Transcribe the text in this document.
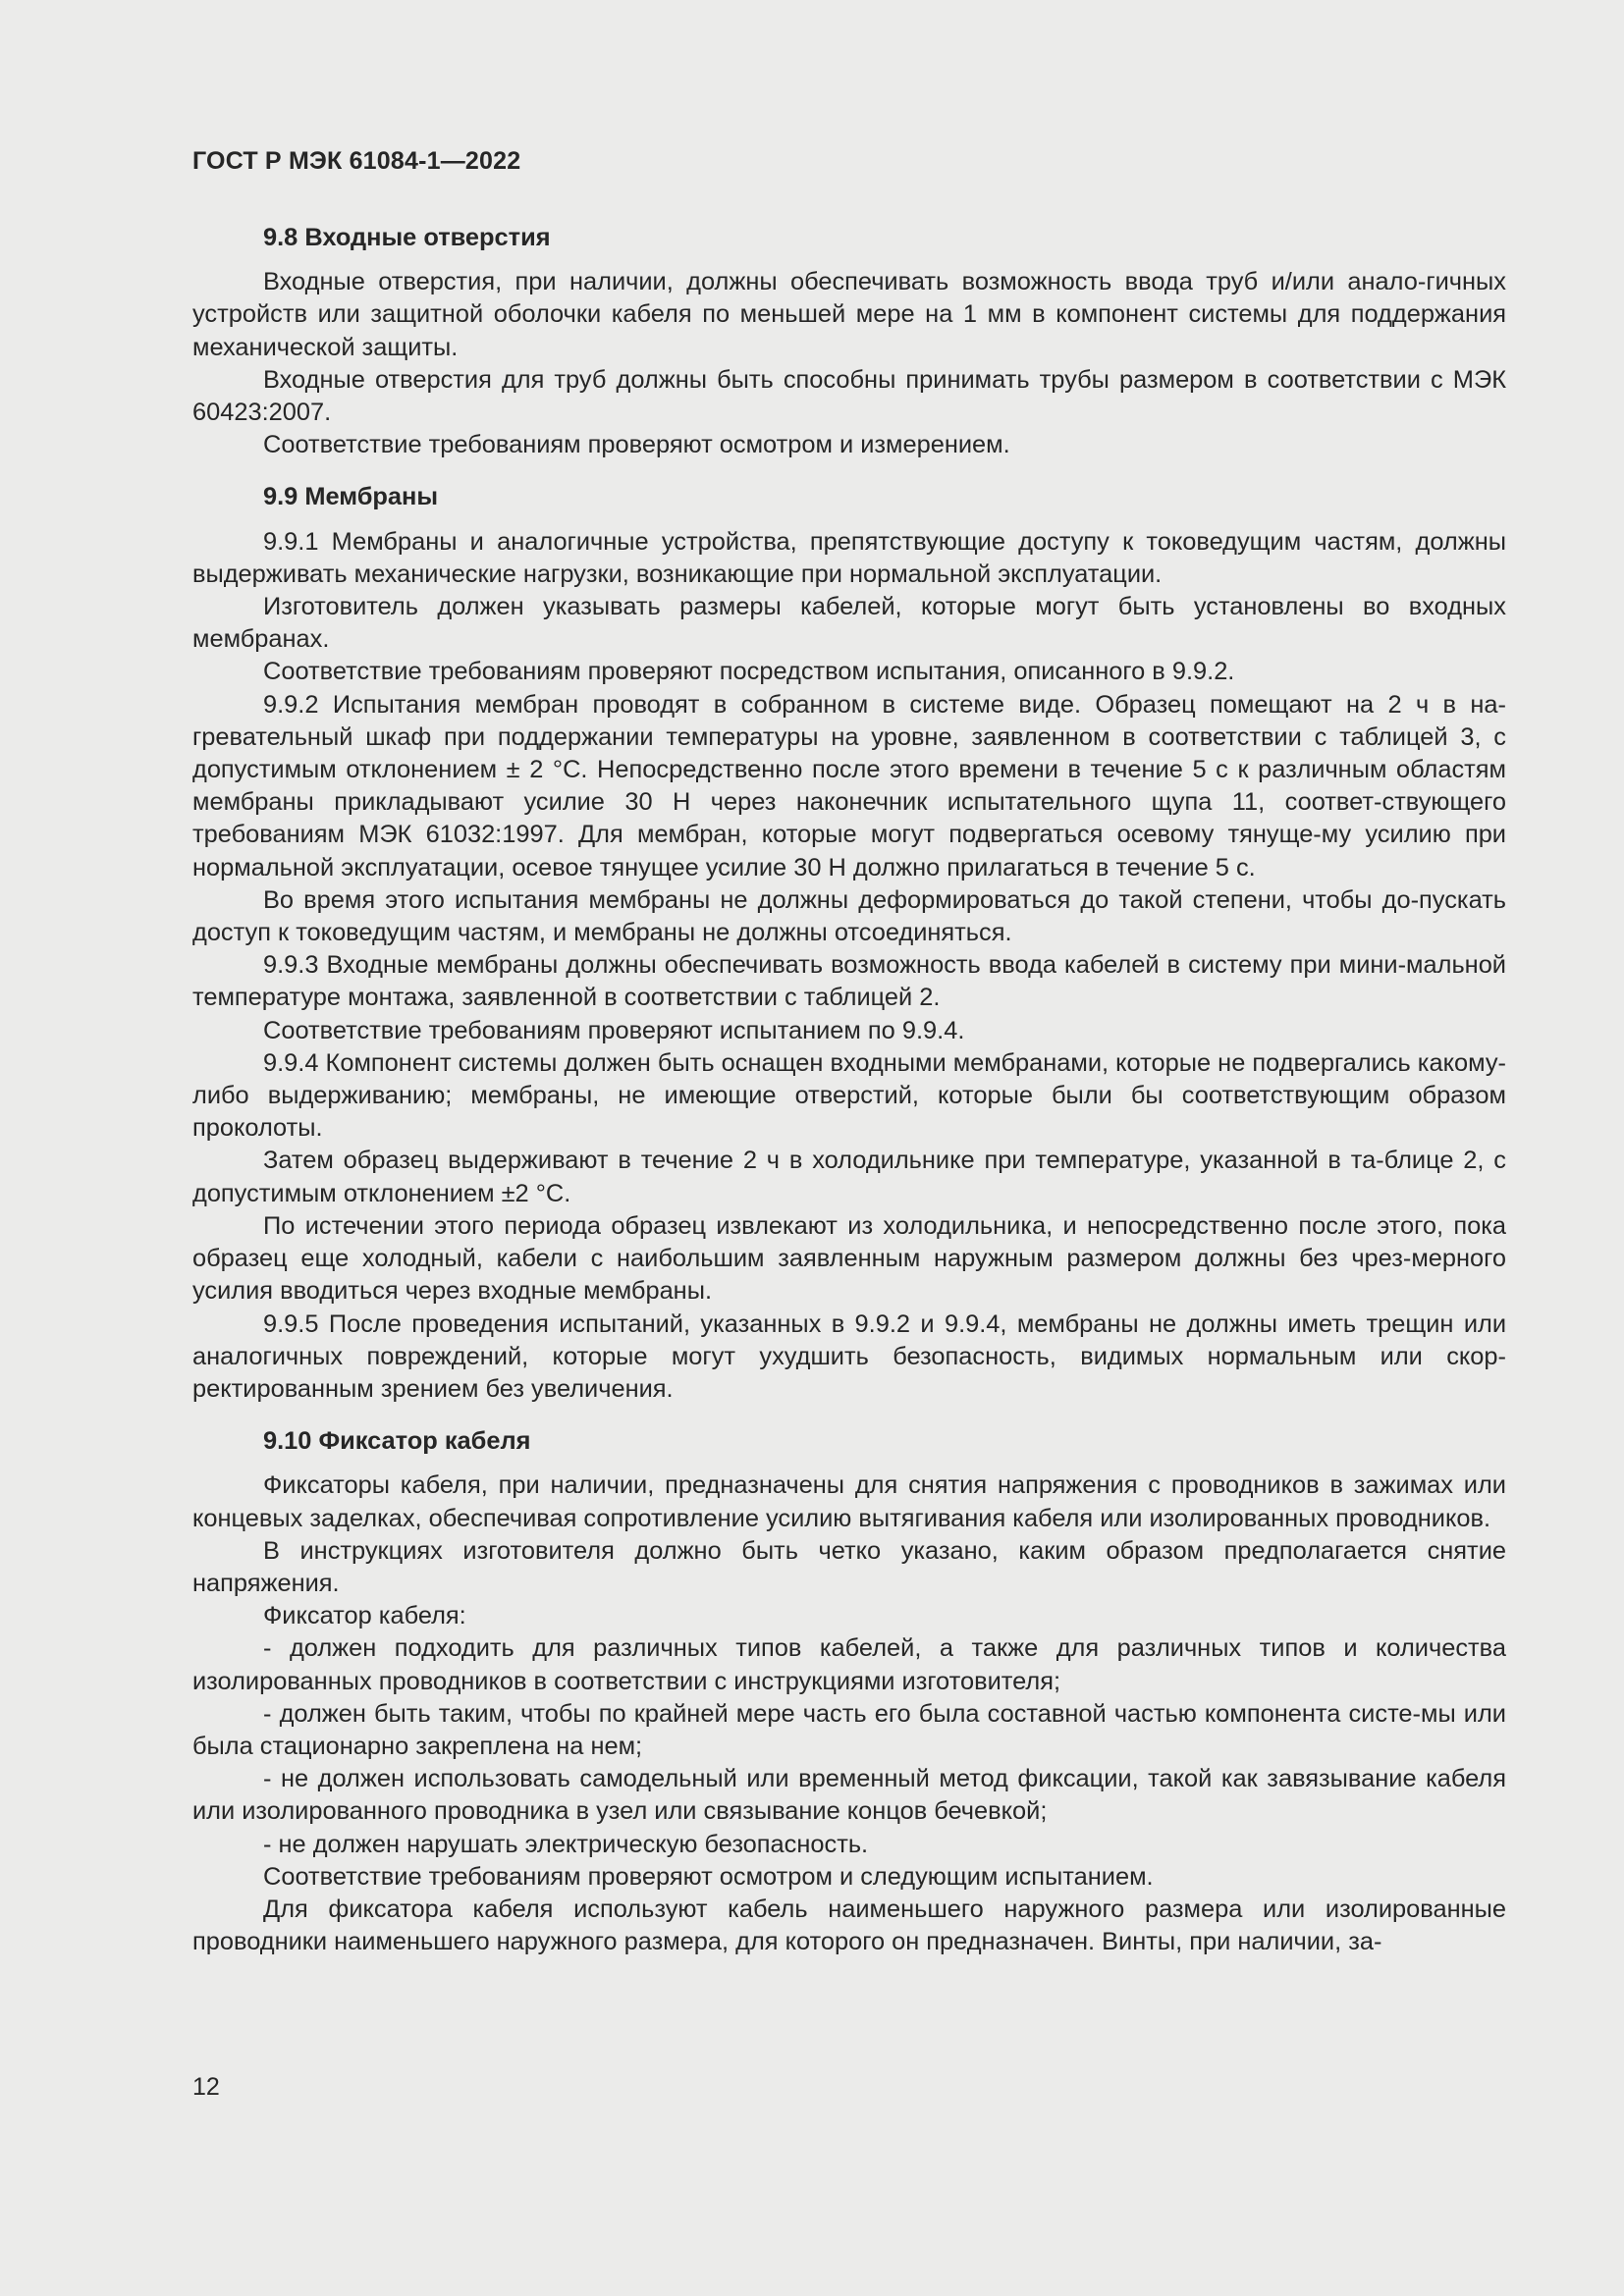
ГОСТ Р МЭК 61084-1—2022
9.8 Входные отверстия

Входные отверстия, при наличии, должны обеспечивать возможность ввода труб и/или анало-гичных устройств или защитной оболочки кабеля по меньшей мере на 1 мм в компонент системы для поддержания механической защиты.

Входные отверстия для труб должны быть способны принимать трубы размером в соответствии с МЭК 60423:2007.

Соответствие требованиям проверяют осмотром и измерением.

9.9 Мембраны

9.9.1 Мембраны и аналогичные устройства, препятствующие доступу к токоведущим частям, должны выдерживать механические нагрузки, возникающие при нормальной эксплуатации.

Изготовитель должен указывать размеры кабелей, которые могут быть установлены во входных мембранах.

Соответствие требованиям проверяют посредством испытания, описанного в 9.9.2.

9.9.2 Испытания мембран проводят в собранном в системе виде. Образец помещают на 2 ч в на-гревательный шкаф при поддержании температуры на уровне, заявленном в соответствии с таблицей 3, с допустимым отклонением ± 2 °С. Непосредственно после этого времени в течение 5 с к различным областям мембраны прикладывают усилие 30 Н через наконечник испытательного щупа 11, соответ-ствующего требованиям МЭК 61032:1997. Для мембран, которые могут подвергаться осевому тянуще-му усилию при нормальной эксплуатации, осевое тянущее усилие 30 Н должно прилагаться в течение 5 с.

Во время этого испытания мембраны не должны деформироваться до такой степени, чтобы до-пускать доступ к токоведущим частям, и мембраны не должны отсоединяться.

9.9.3 Входные мембраны должны обеспечивать возможность ввода кабелей в систему при мини-мальной температуре монтажа, заявленной в соответствии с таблицей 2.

Соответствие требованиям проверяют испытанием по 9.9.4.

9.9.4 Компонент системы должен быть оснащен входными мембранами, которые не подвергались какому-либо выдерживанию; мембраны, не имеющие отверстий, которые были бы соответствующим образом проколоты.

Затем образец выдерживают в течение 2 ч в холодильнике при температуре, указанной в та-блице 2, с допустимым отклонением ±2 °С.

По истечении этого периода образец извлекают из холодильника, и непосредственно после этого, пока образец еще холодный, кабели с наибольшим заявленным наружным размером должны без чрез-мерного усилия вводиться через входные мембраны.

9.9.5 После проведения испытаний, указанных в 9.9.2 и 9.9.4, мембраны не должны иметь трещин или аналогичных повреждений, которые могут ухудшить безопасность, видимых нормальным или скор-ректированным зрением без увеличения.

9.10 Фиксатор кабеля

Фиксаторы кабеля, при наличии, предназначены для снятия напряжения с проводников в зажимах или концевых заделках, обеспечивая сопротивление усилию вытягивания кабеля или изолированных проводников.

В инструкциях изготовителя должно быть четко указано, каким образом предполагается снятие напряжения.

Фиксатор кабеля:

- должен подходить для различных типов кабелей, а также для различных типов и количества изолированных проводников в соответствии с инструкциями изготовителя;

- должен быть таким, чтобы по крайней мере часть его была составной частью компонента систе-мы или была стационарно закреплена на нем;

- не должен использовать самодельный или временный метод фиксации, такой как завязывание кабеля или изолированного проводника в узел или связывание концов бечевкой;

- не должен нарушать электрическую безопасность.

Соответствие требованиям проверяют осмотром и следующим испытанием.

Для фиксатора кабеля используют кабель наименьшего наружного размера или изолированные проводники наименьшего наружного размера, для которого он предназначен. Винты, при наличии, за-

12
